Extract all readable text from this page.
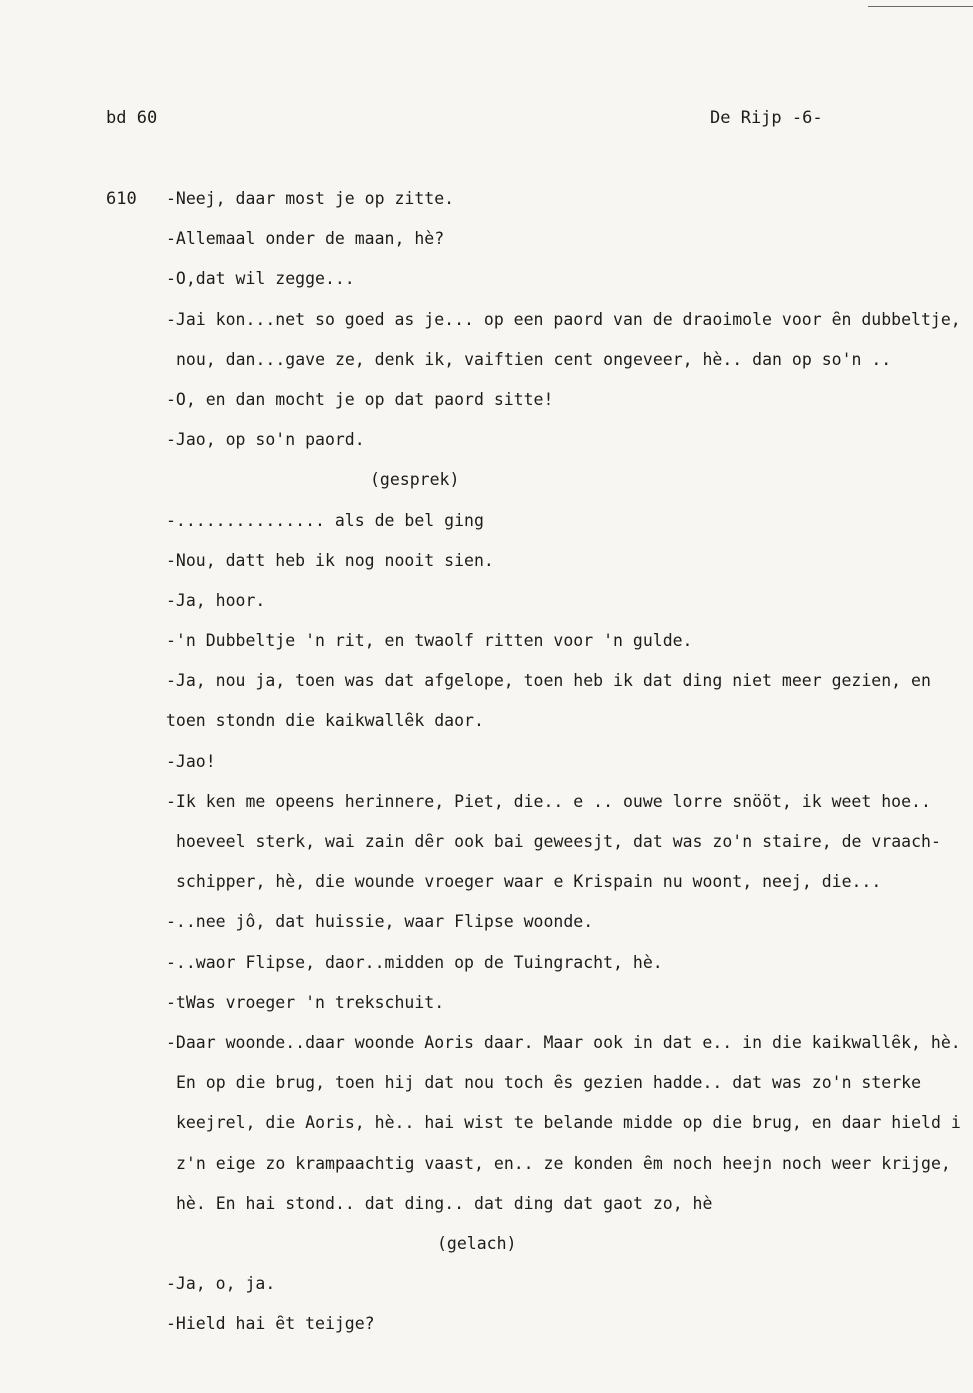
bd 60	De Rijp -6-
610 -Neej, daar most je op zitte.
-Allemaal onder de maan, hè?
-O,dat wil zegge...
-Jai kon...net so goed as je... op een paord van de draoimole voor ȇn dubbeltje,
nou, dan...gave ze, denk ik, vaiftien cent ongeveer, hè.. dan op so'n ..
-O, en dan mocht je op dat paord sitte!
-Jao, op so'n paord.
(gesprek)
-............... als de bel ging
-Nou, datt heb ik nog nooit sien.
-Ja, hoor.
-'n Dubbeltje 'n rit, en twaolf ritten voor 'n gulde.
-Ja, nou ja, toen was dat afgelope, toen heb ik dat ding niet meer gezien, en
toen stondn die kaikwallȇk daor.
-Jao!
-Ik ken me opeens herinnere, Piet, die.. e .. ouwe lorre snööt, ik weet hoe..
hoeveel sterk, wai zain dȇr ook bai geweesjt, dat was zo'n staire, de vraach-
schipper, hè, die wounde vroeger waar e Krispain nu woont, neej, die...
-..nee jô, dat huissie, waar Flipse woonde.
-..waor Flipse, daor..midden op de Tuingracht, hè.
-tWas vroeger 'n trekschuit.
-Daar woonde..daar woonde Aoris daar. Maar ook in dat e.. in die kaikwallȇk, hè.
En op die brug, toen hij dat nou toch ȇs gezien hadde.. dat was zo'n sterke
keejrel, die Aoris, hè.. hai wist te belande midde op die brug, en daar hield i
z'n eige zo krampaachtig vaast, en.. ze konden ȇm noch heejn noch weer krijge,
hè. En hai stond.. dat ding.. dat ding dat gaot zo, hè
(gelach)
-Ja, o, ja.
-Hield hai ȇt teijge?
